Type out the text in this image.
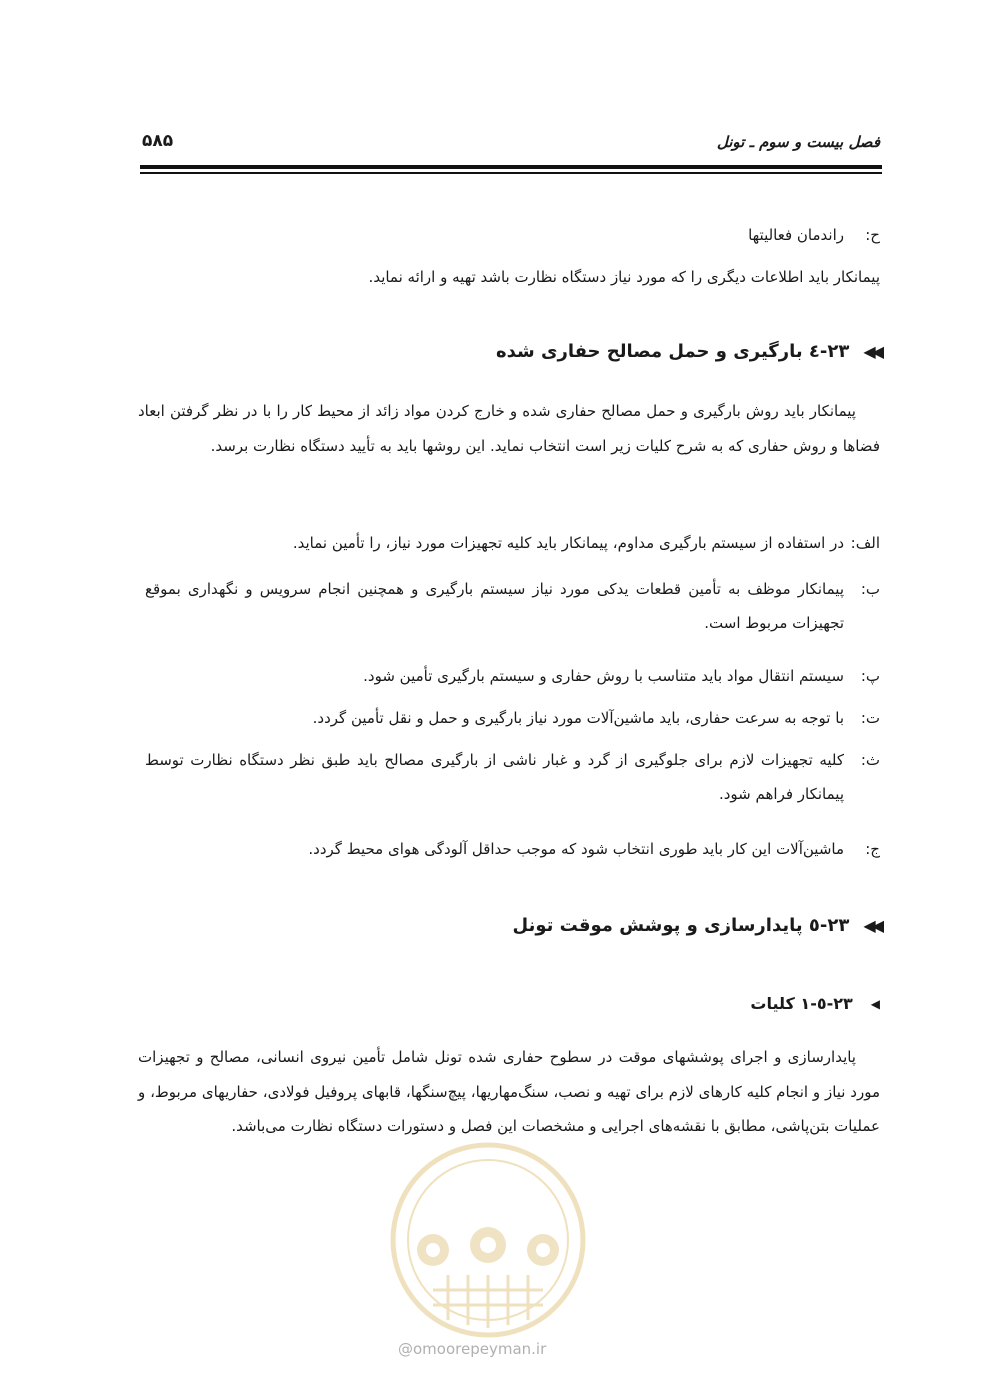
فصل بیست و سوم ـ تونل
۵۸۵
ح:
راندمان فعالیتها
پیمانکار باید اطلاعات دیگری را که مورد نیاز دستگاه نظارت باشد تهیه و ارائه نماید.
◀◀
۲۳-٤ بارگیری و حمل مصالح حفاری شده
پیمانکار باید روش بارگیری و حمل مصالح حفاری شده و خارج کردن مواد زائد از محیط کار را با در نظر گرفتن ابعاد فضاها و روش حفاری که به شرح کلیات زیر است انتخاب نماید. این روشها باید به تأیید دستگاه نظارت برسد.
الف:
در استفاده از سیستم بارگیری مداوم، پیمانکار باید کلیه تجهیزات مورد نیاز، را تأمین نماید.
ب:
پیمانکار موظف به تأمین قطعات یدکی مورد نیاز سیستم بارگیری و همچنین انجام سرویس و نگهداری بموقع تجهیزات مربوط است.
پ:
سیستم انتقال مواد باید متناسب با روش حفاری و سیستم بارگیری تأمین شود.
ت:
با توجه به سرعت حفاری، باید ماشین‌آلات مورد نیاز بارگیری و حمل و نقل تأمین گردد.
ث:
کلیه تجهیزات لازم برای جلوگیری از گرد و غبار ناشی از بارگیری مصالح باید طبق نظر دستگاه نظارت توسط پیمانکار فراهم شود.
ج:
ماشین‌آلات این کار باید طوری انتخاب شود که موجب حداقل آلودگی هوای محیط گردد.
◀◀
۲۳-٥ پایدارسازی و پوشش موقت تونل
◀
۲۳-٥-۱ کلیات
پایدارسازی و اجرای پوششهای موقت در سطوح حفاری شده تونل شامل تأمین نیروی انسانی، مصالح و تجهیزات مورد نیاز و انجام کلیه کارهای لازم برای تهیه و نصب، سنگ‌مهاریها، پیچ‌سنگها، قابهای پروفیل فولادی، حفاریهای مربوط، و عملیات بتن‌پاشی، مطابق با نقشه‌های اجرایی و مشخصات این فصل و دستورات دستگاه نظارت می‌باشد.
@omoorepeyman.ir
